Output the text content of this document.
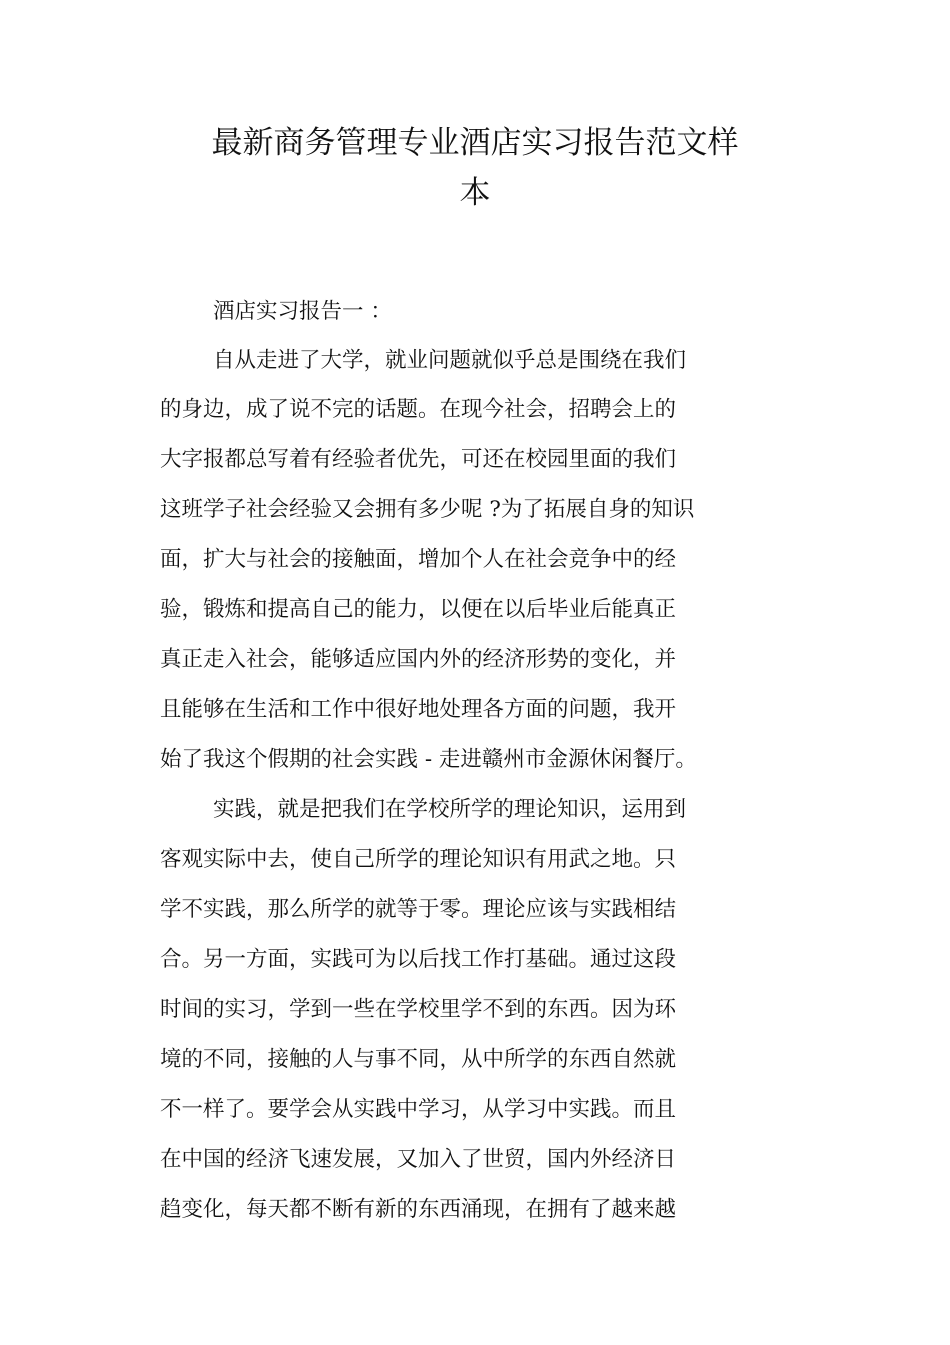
最新商务管理专业酒店实习报告范文样
本

酒店实习报告一 ：

自从走进了大学，就业问题就似乎总是围绕在我们

的身边，成了说不完的话题。在现今社会，招聘会上的

大字报都总写着有经验者优先，可还在校园里面的我们

这班学子社会经验又会拥有多少呢 ?为了拓展自身的知识

面，扩大与社会的接触面，增加个人在社会竞争中的经

验，锻炼和提高自己的能力，以便在以后毕业后能真正

真正走入社会，能够适应国内外的经济形势的变化，并

且能够在生活和工作中很好地处理各方面的问题，我开

始了我这个假期的社会实践 - 走进赣州市金源休闲餐厅。

实践，就是把我们在学校所学的理论知识，运用到

客观实际中去，使自己所学的理论知识有用武之地。只

学不实践，那么所学的就等于零。理论应该与实践相结

合。另一方面，实践可为以后找工作打基础。通过这段

时间的实习，学到一些在学校里学不到的东西。因为环

境的不同，接触的人与事不同，从中所学的东西自然就

不一样了。要学会从实践中学习，从学习中实践。而且

在中国的经济飞速发展，又加入了世贸，国内外经济日

趋变化，每天都不断有新的东西涌现，在拥有了越来越
